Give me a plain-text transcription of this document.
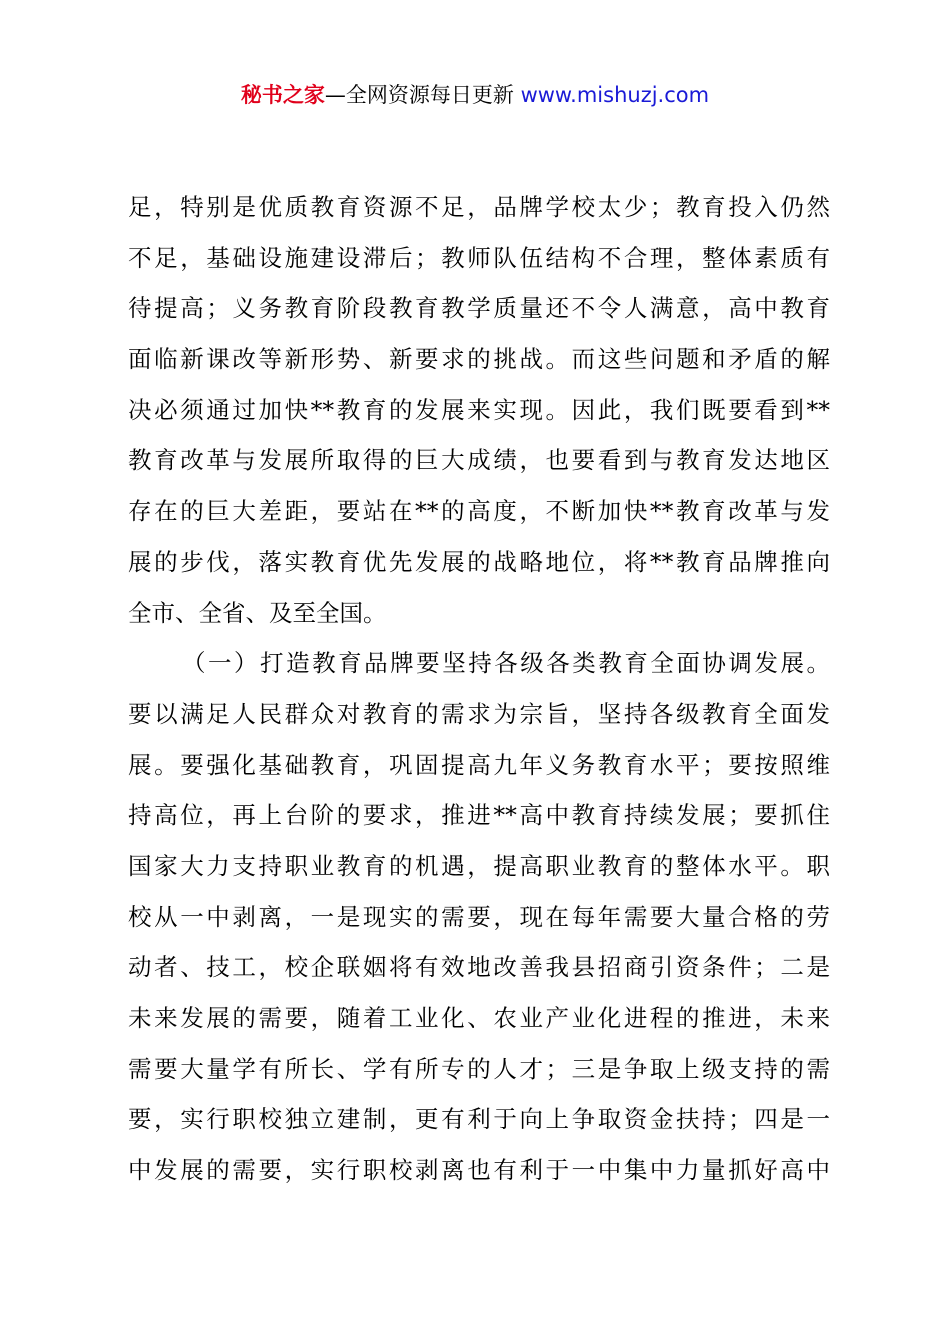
秘书之家—全网资源每日更新 www.mishuzj.com
足，特别是优质教育资源不足，品牌学校太少；教育投入仍然
不足，基础设施建设滞后；教师队伍结构不合理，整体素质有
待提高；义务教育阶段教育教学质量还不令人满意，高中教育
面临新课改等新形势、新要求的挑战。而这些问题和矛盾的解
决必须通过加快**教育的发展来实现。因此，我们既要看到**
教育改革与发展所取得的巨大成绩，也要看到与教育发达地区
存在的巨大差距，要站在**的高度，不断加快**教育改革与发
展的步伐，落实教育优先发展的战略地位，将**教育品牌推向
全市、全省、及至全国。
（一）打造教育品牌要坚持各级各类教育全面协调发展。
要以满足人民群众对教育的需求为宗旨，坚持各级教育全面发
展。要强化基础教育，巩固提高九年义务教育水平；要按照维
持高位，再上台阶的要求，推进**高中教育持续发展；要抓住
国家大力支持职业教育的机遇，提高职业教育的整体水平。职
校从一中剥离，一是现实的需要，现在每年需要大量合格的劳
动者、技工，校企联姻将有效地改善我县招商引资条件；二是
未来发展的需要，随着工业化、农业产业化进程的推进，未来
需要大量学有所长、学有所专的人才；三是争取上级支持的需
要，实行职校独立建制，更有利于向上争取资金扶持；四是一
中发展的需要，实行职校剥离也有利于一中集中力量抓好高中
